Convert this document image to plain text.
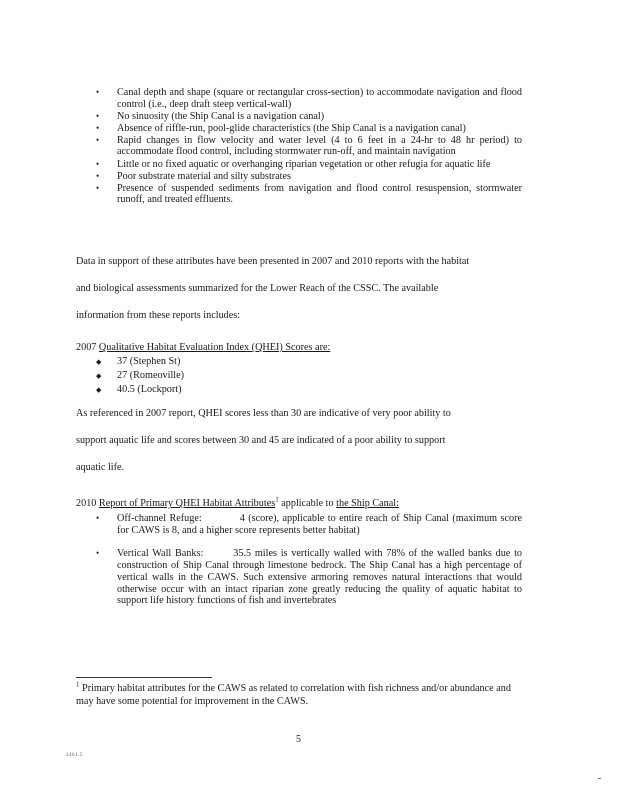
• Canal depth and shape (square or rectangular cross-section) to accommodate navigation and flood control (i.e., deep draft steep vertical-wall)
• No sinuosity (the Ship Canal is a navigation canal)
• Absence of riffle-run, pool-glide characteristics (the Ship Canal is a navigation canal)
• Rapid changes in flow velocity and water level (4 to 6 feet in a 24-hr to 48 hr period) to accommodate flood control, including stormwater run-off, and maintain navigation
• Little or no fixed aquatic or overhanging riparian vegetation or other refugia for aquatic life
• Poor substrate material and silty substrates
• Presence of suspended sediments from navigation and flood control resuspension, stormwater runoff, and treated effluents.

Data in support of these attributes have been presented in 2007 and 2010 reports with the habitat
and biological assessments summarized for the Lower Reach of the CSSC. The available
information from these reports includes:

2007 Qualitative Habitat Evaluation Index (QHEI) Scores are:

◆ 37 (Stephen St)
◆ 27 (Romeoville)
◆ 40.5 (Lockport)

As referenced in 2007 report, QHEI scores less than 30 are indicative of very poor ability to
support aquatic life and scores between 30 and 45 are indicated of a poor ability to support
aquatic life.

2010 Report of Primary QHEI Habitat Attributes$^1$ applicable to the Ship Canal:

• Off-channel Refuge:	4 (score), applicable to entire reach of Ship Canal (maximum score for CAWS is 8, and a higher score represents better habitat)
• Vertical Wall Banks:	35.5 miles is vertically walled with 78% of the walled banks due to construction of Ship Canal through limestone bedrock. The Ship Canal has a high percentage of vertical walls in the CAWS. Such extensive armoring removes natural interactions that would otherwise occur with an intact riparian zone greatly reducing the quality of aquatic habitat to support life history functions of fish and invertebrates

$^1$ Primary habitat attributes for the CAWS as related to correlation with fish richness and/or abundance and may have some potential for improvement in the CAWS.

5
2461.5
